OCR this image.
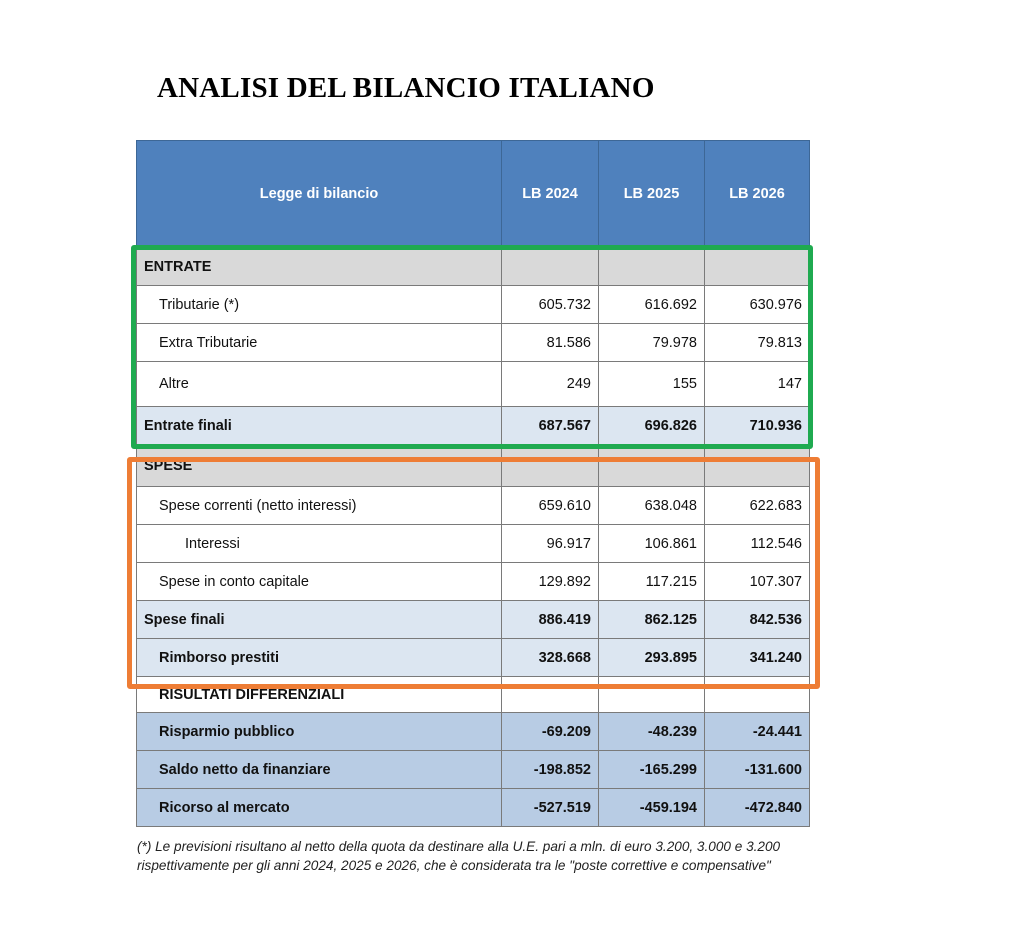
ANALISI DEL BILANCIO ITALIANO
Legge di bilancio	LB 2024	LB 2025	LB 2026
ENTRATE			
Tributarie (*)	605.732	616.692	630.976
Extra Tributarie	81.586	79.978	79.813
Altre	249	155	147
Entrate finali	687.567	696.826	710.936
SPESE			
Spese correnti (netto interessi)	659.610	638.048	622.683
Interessi	96.917	106.861	112.546
Spese in conto capitale	129.892	117.215	107.307
Spese finali	886.419	862.125	842.536
Rimborso prestiti	328.668	293.895	341.240
RISULTATI DIFFERENZIALI			
Risparmio pubblico	-69.209	-48.239	-24.441
Saldo netto da finanziare	-198.852	-165.299	-131.600
Ricorso al mercato	-527.519	-459.194	-472.840
(*) Le previsioni risultano al netto della quota da destinare alla U.E. pari a mln. di euro 3.200, 3.000 e 3.200 rispettivamente per gli anni 2024, 2025 e 2026, che è considerata tra le "poste correttive e compensative"
